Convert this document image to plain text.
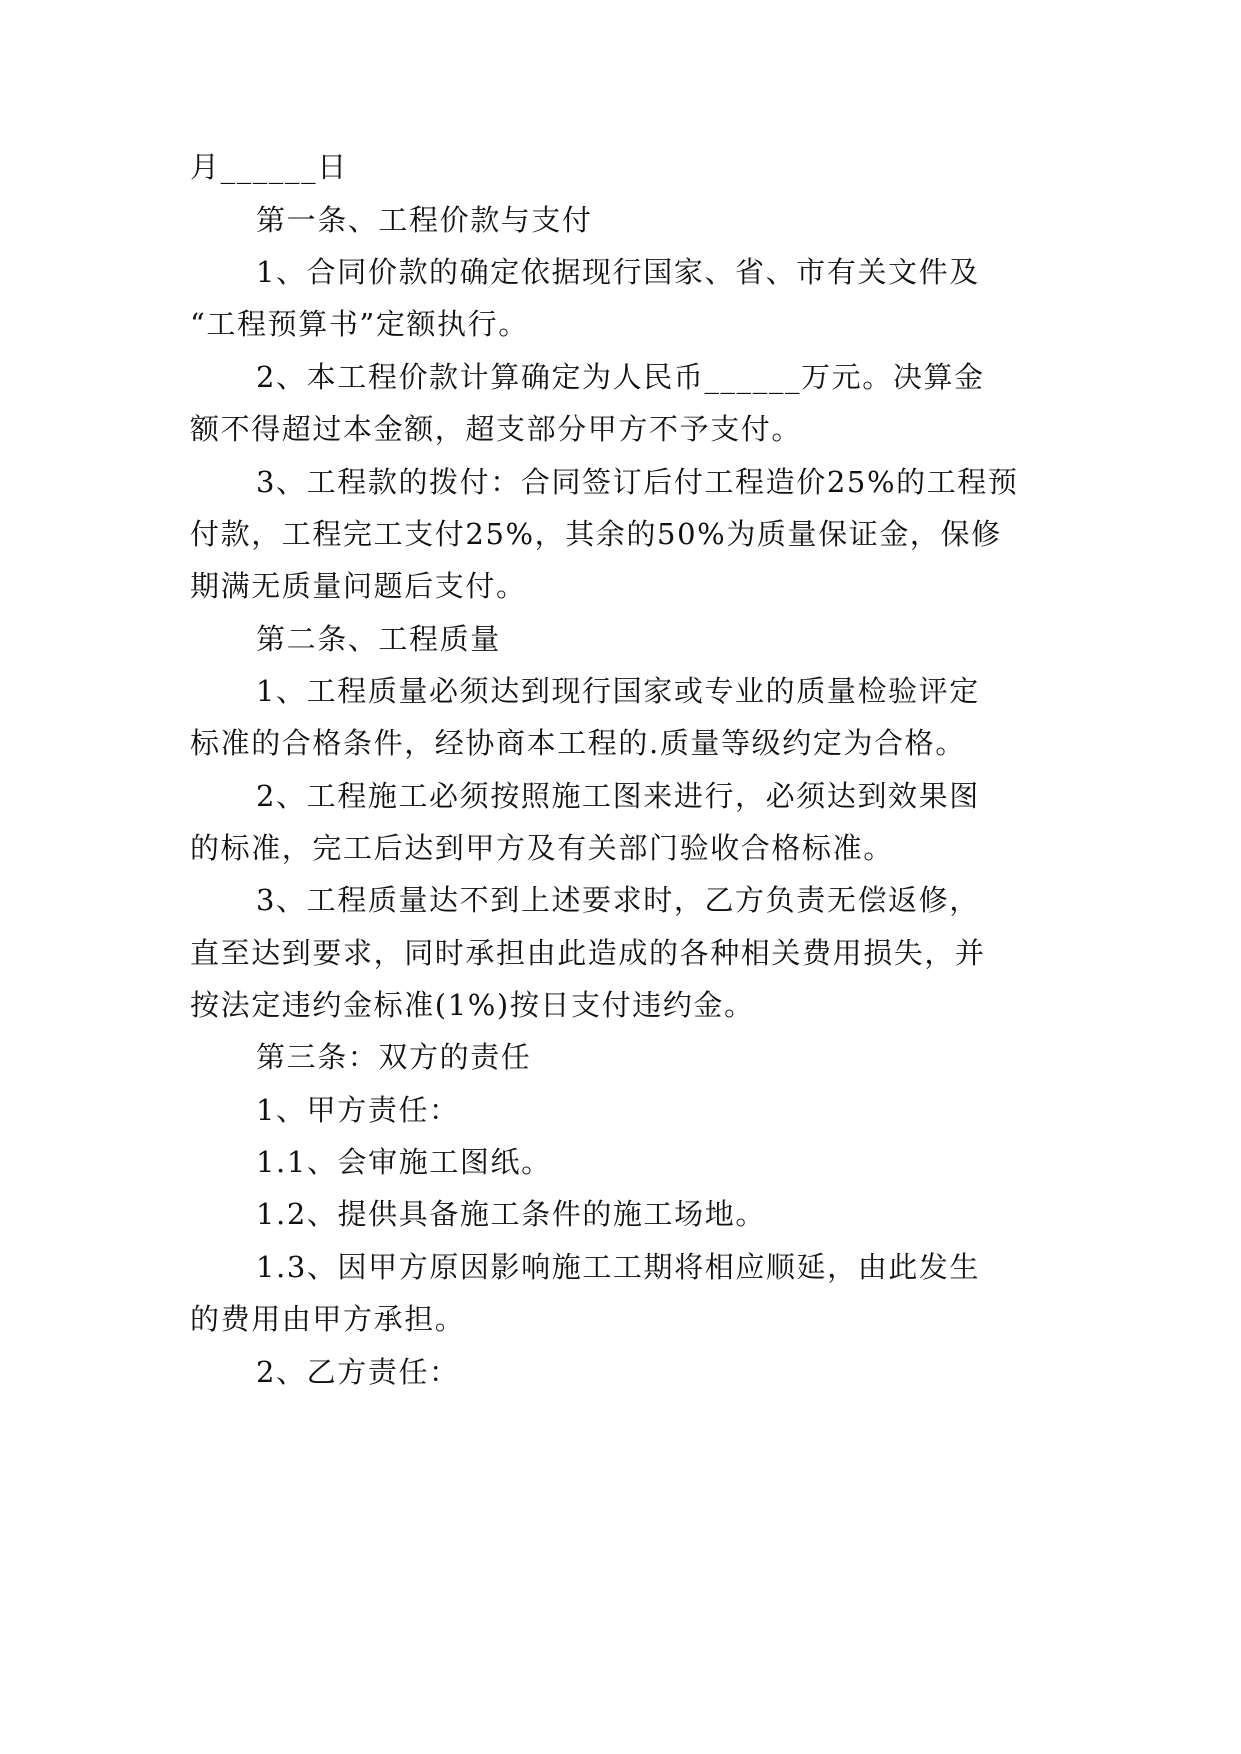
月______日
第一条、工程价款与支付
1、合同价款的确定依据现行国家、省、市有关文件及
“工程预算书”定额执行。
2、本工程价款计算确定为人民币______万元。决算金
额不得超过本金额，超支部分甲方不予支付。
3、工程款的拨付：合同签订后付工程造价25%的工程预
付款，工程完工支付25%，其余的50%为质量保证金，保修
期满无质量问题后支付。
第二条、工程质量
1、工程质量必须达到现行国家或专业的质量检验评定
标准的合格条件，经协商本工程的.质量等级约定为合格。
2、工程施工必须按照施工图来进行，必须达到效果图
的标准，完工后达到甲方及有关部门验收合格标准。
3、工程质量达不到上述要求时，乙方负责无偿返修，
直至达到要求，同时承担由此造成的各种相关费用损失，并
按法定违约金标准(1%)按日支付违约金。
第三条：双方的责任
1、甲方责任：
1.1、会审施工图纸。
1.2、提供具备施工条件的施工场地。
1.3、因甲方原因影响施工工期将相应顺延，由此发生
的费用由甲方承担。
2、乙方责任：
